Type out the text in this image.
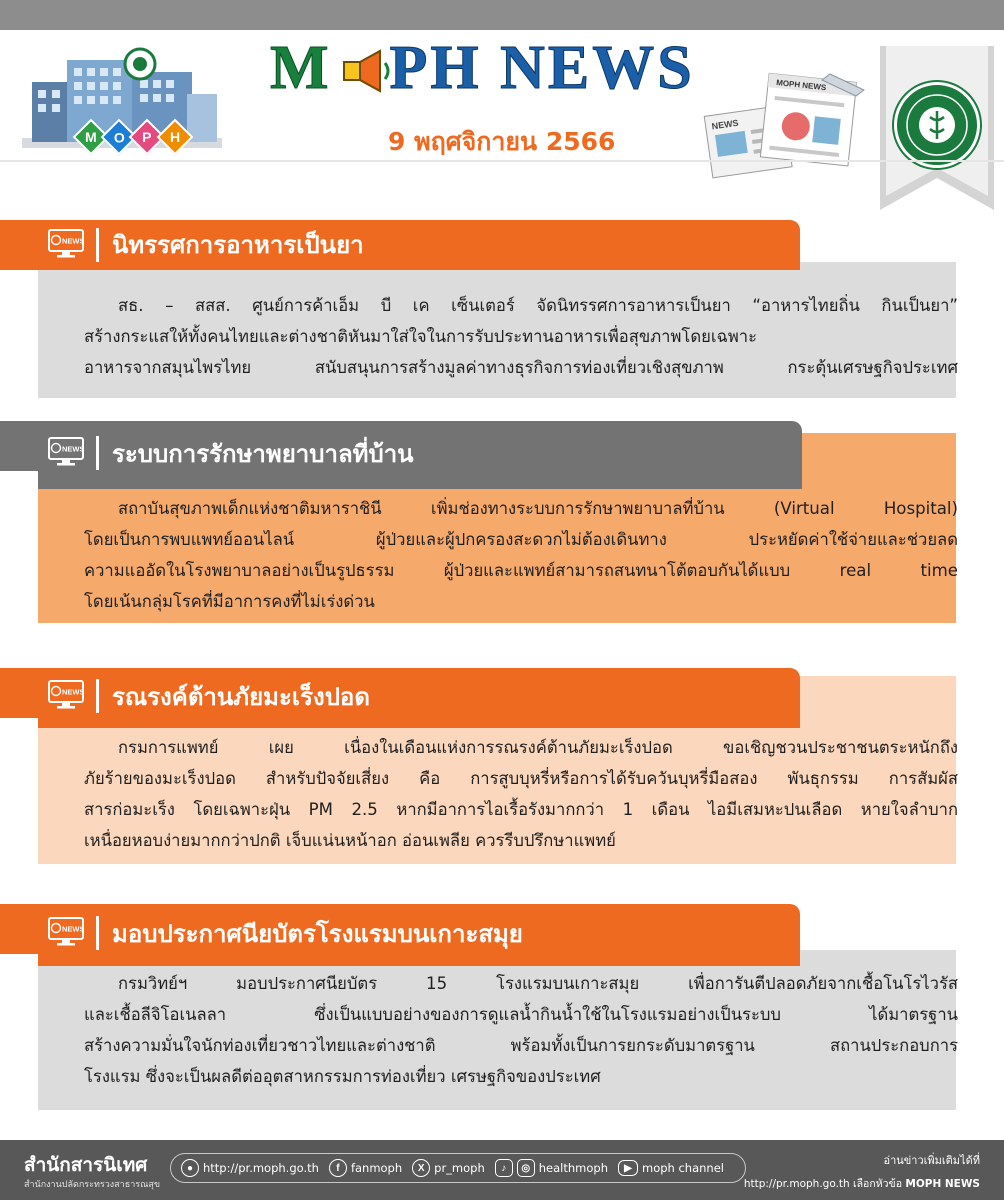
M O P H
M PH NEWS
9 พฤศจิกายน 2566
NEWS
MOPH NEWS
NEWS นิทรรศการอาหารเป็นยา

สธ. – สสส. ศูนย์การค้าเอ็ม บี เค เซ็นเตอร์ จัดนิทรรศการอาหารเป็นยา “อาหารไทยถิ่น กินเป็นยา”

สร้างกระแสให้ทั้งคนไทยและต่างชาติหันมาใส่ใจในการรับประทานอาหารเพื่อสุขภาพโดยเฉพาะ

อาหารจากสมุนไพรไทย สนับสนุนการสร้างมูลค่าทางธุรกิจการท่องเที่ยวเชิงสุขภาพ กระตุ้นเศรษฐกิจประเทศ

NEWS ระบบการรักษาพยาบาลที่บ้าน

สถาบันสุขภาพเด็กแห่งชาติมหาราชินี เพิ่มช่องทางระบบการรักษาพยาบาลที่บ้าน (Virtual Hospital)

โดยเป็นการพบแพทย์ออนไลน์ ผู้ป่วยและผู้ปกครองสะดวกไม่ต้องเดินทาง ประหยัดค่าใช้จ่ายและช่วยลด

ความแออัดในโรงพยาบาลอย่างเป็นรูปธรรม ผู้ป่วยและแพทย์สามารถสนทนาโต้ตอบกันได้แบบ real time

โดยเน้นกลุ่มโรคที่มีอาการคงที่ไม่เร่งด่วน

NEWS รณรงค์ต้านภัยมะเร็งปอด

กรมการแพทย์ เผย เนื่องในเดือนแห่งการรณรงค์ต้านภัยมะเร็งปอด ขอเชิญชวนประชาชนตระหนักถึง

ภัยร้ายของมะเร็งปอด สำหรับปัจจัยเสี่ยง คือ การสูบบุหรี่หรือการได้รับควันบุหรี่มือสอง พันธุกรรม การสัมผัส

สารก่อมะเร็ง โดยเฉพาะฝุ่น PM 2.5 หากมีอาการไอเรื้อรังมากกว่า 1 เดือน ไอมีเสมหะปนเลือด หายใจลำบาก

เหนื่อยหอบง่ายมากกว่าปกติ เจ็บแน่นหน้าอก อ่อนเพลีย ควรรีบปรึกษาแพทย์

NEWS มอบประกาศนียบัตรโรงแรมบนเกาะสมุย

กรมวิทย์ฯ มอบประกาศนียบัตร 15 โรงแรมบนเกาะสมุย เพื่อการันตีปลอดภัยจากเชื้อโนโรไวรัส

และเชื้อลีจิโอเนลลา ซึ่งเป็นแบบอย่างของการดูแลน้ำกินน้ำใช้ในโรงแรมอย่างเป็นระบบ ได้มาตรฐาน

สร้างความมั่นใจนักท่องเที่ยวชาวไทยและต่างชาติ พร้อมทั้งเป็นการยกระดับมาตรฐาน สถานประกอบการ

โรงแรม ซึ่งจะเป็นผลดีต่ออุตสาหกรรมการท่องเที่ยว เศรษฐกิจของประเทศ

สำนักสารนิเทศ
สำนักงานปลัดกระทรวงสาธารณสุข
● http://pr.moph.go.th	f fanmoph	X pr_moph	♪	◎ healthmoph	▶ moph channel
อ่านข่าวเพิ่มเติมได้ที่
http://pr.moph.go.th เลือกหัวข้อ MOPH NEWS
